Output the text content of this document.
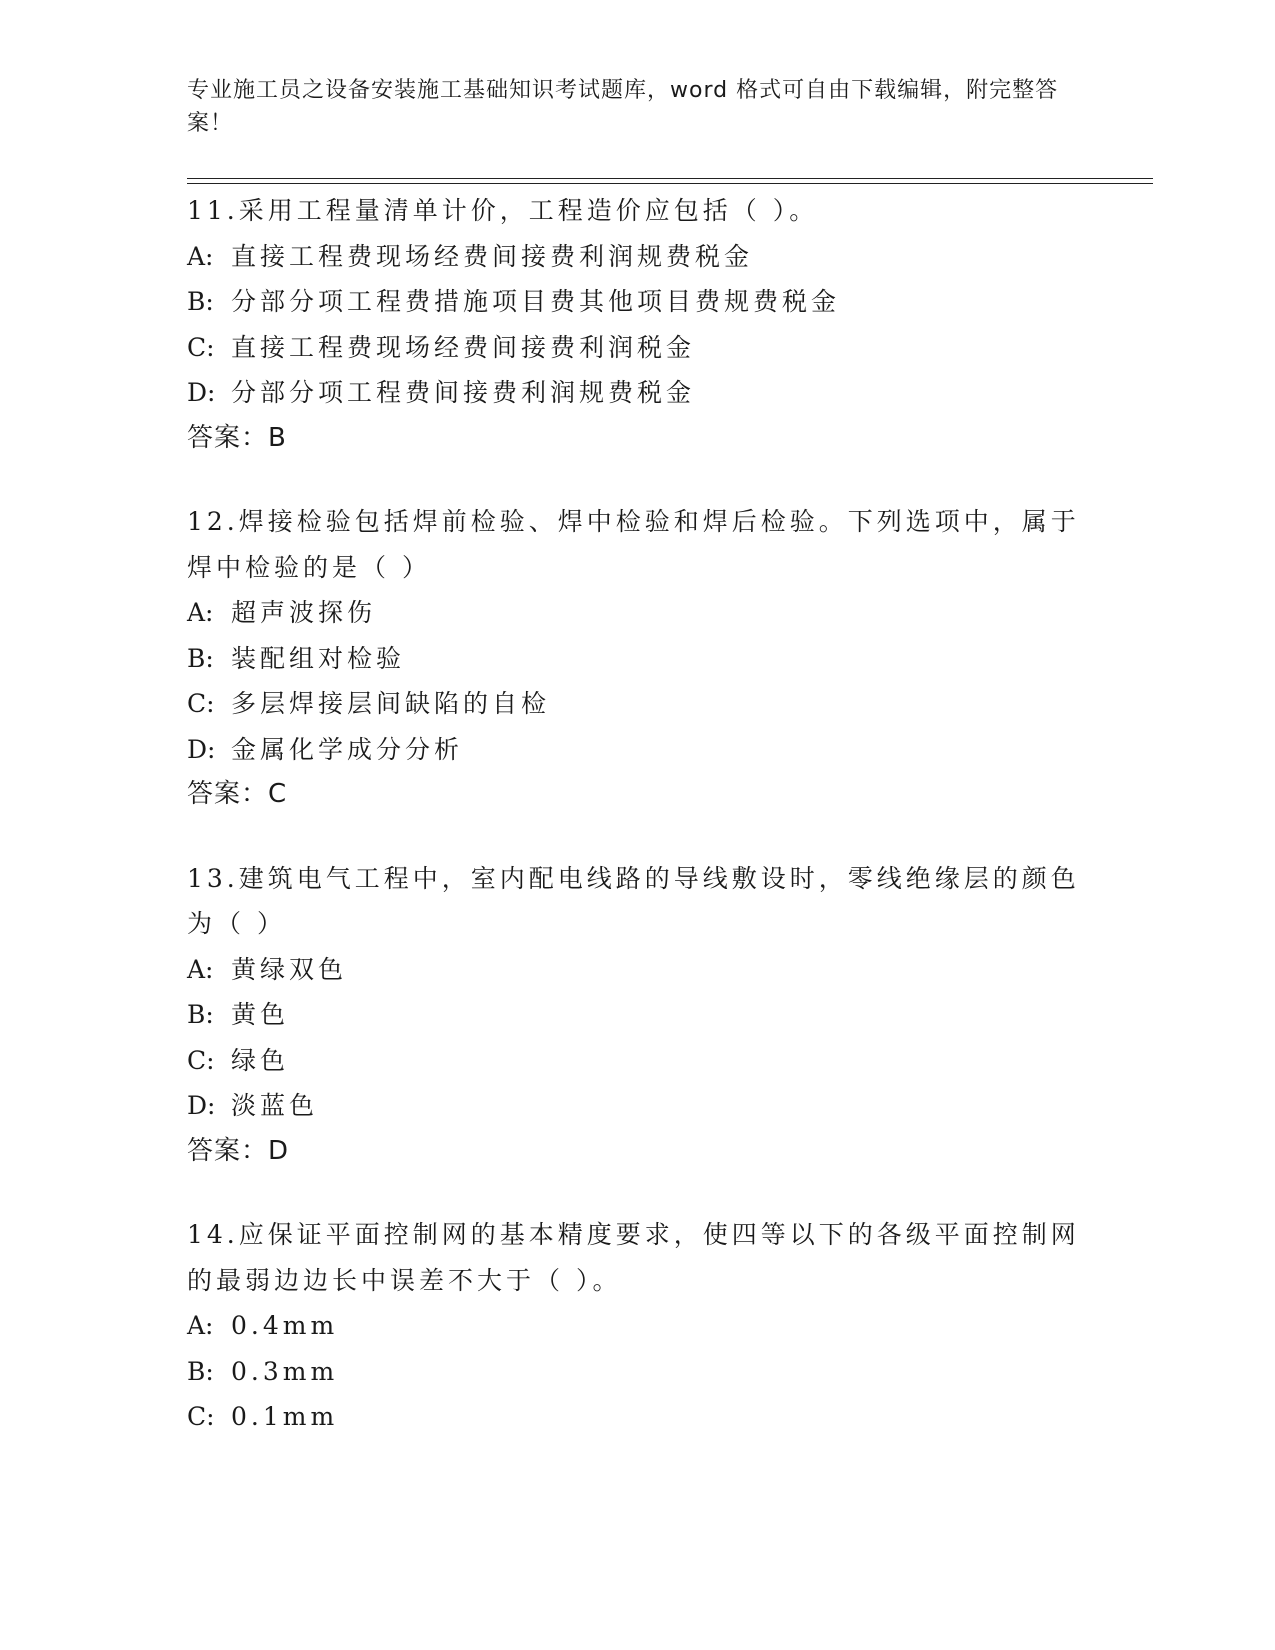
专业施工员之设备安装施工基础知识考试题库，word 格式可自由下载编辑，附完整答案！
11.采用工程量清单计价，工程造价应包括（ ）。
A: 直接工程费现场经费间接费利润规费税金
B: 分部分项工程费措施项目费其他项目费规费税金
C: 直接工程费现场经费间接费利润税金
D: 分部分项工程费间接费利润规费税金
答案：B
12.焊接检验包括焊前检验、焊中检验和焊后检验。下列选项中，属于焊中检验的是（ ）
A: 超声波探伤
B: 装配组对检验
C: 多层焊接层间缺陷的自检
D: 金属化学成分分析
答案：C
13.建筑电气工程中，室内配电线路的导线敷设时，零线绝缘层的颜色为（ ）
A: 黄绿双色
B: 黄色
C: 绿色
D: 淡蓝色
答案：D
14.应保证平面控制网的基本精度要求，使四等以下的各级平面控制网的最弱边边长中误差不大于（ ）。
A: 0.4mm
B: 0.3mm
C: 0.1mm
